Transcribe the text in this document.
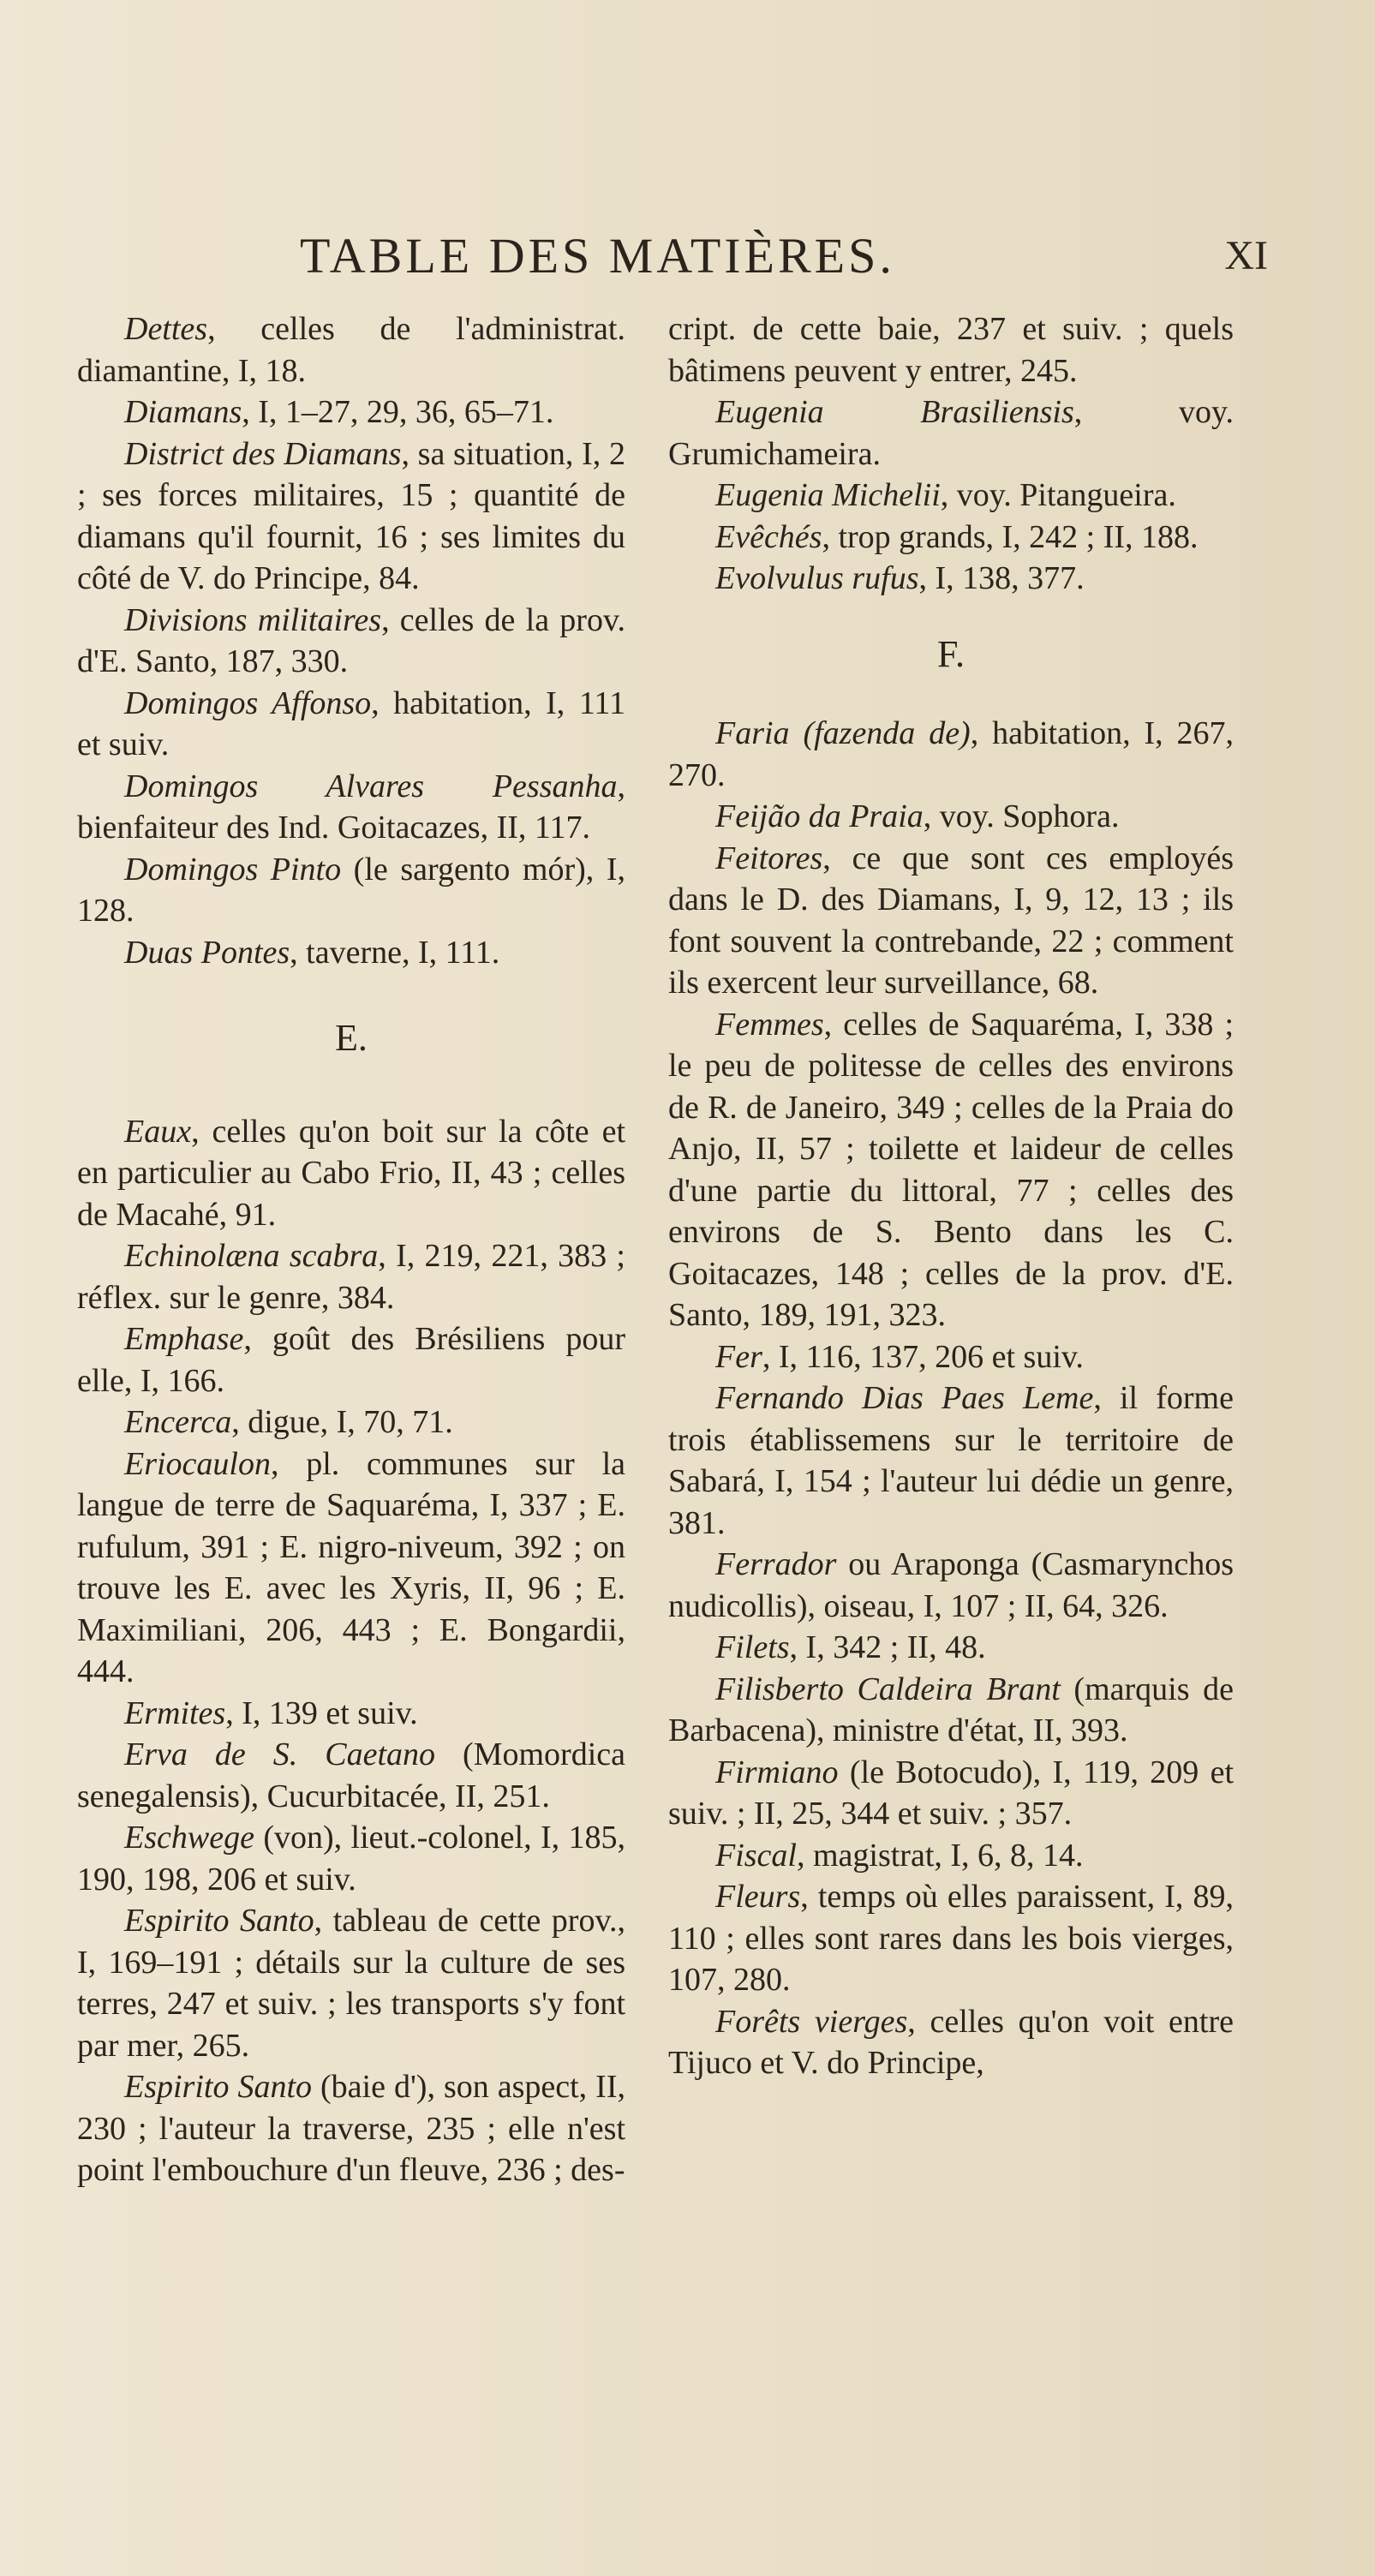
TABLE DES MATIÈRES.	XI

Dettes, celles de l'administrat. diamantine, I, 18.

Diamans, I, 1–27, 29, 36, 65–71.

District des Diamans, sa situation, I, 2 ; ses forces militaires, 15 ; quantité de diamans qu'il fournit, 16 ; ses limites du côté de V. do Principe, 84.

Divisions militaires, celles de la prov. d'E. Santo, 187, 330.

Domingos Affonso, habitation, I, 111 et suiv.

Domingos Alvares Pessanha, bienfaiteur des Ind. Goitacazes, II, 117.

Domingos Pinto (le sargento mór), I, 128.

Duas Pontes, taverne, I, 111.

E.

Eaux, celles qu'on boit sur la côte et en particulier au Cabo Frio, II, 43 ; celles de Macahé, 91.

Echinolæna scabra, I, 219, 221, 383 ; réflex. sur le genre, 384.

Emphase, goût des Brésiliens pour elle, I, 166.

Encerca, digue, I, 70, 71.

Eriocaulon, pl. communes sur la langue de terre de Saquaréma, I, 337 ; E. rufulum, 391 ; E. nigro-niveum, 392 ; on trouve les E. avec les Xyris, II, 96 ; E. Maximiliani, 206, 443 ; E. Bongardii, 444.

Ermites, I, 139 et suiv.

Erva de S. Caetano (Momordica senegalensis), Cucurbitacée, II, 251.

Eschwege (von), lieut.-colonel, I, 185, 190, 198, 206 et suiv.

Espirito Santo, tableau de cette prov., I, 169–191 ; détails sur la culture de ses terres, 247 et suiv. ; les transports s'y font par mer, 265.

Espirito Santo (baie d'), son aspect, II, 230 ; l'auteur la traverse, 235 ; elle n'est point l'embouchure d'un fleuve, 236 ; des-

cript. de cette baie, 237 et suiv. ; quels bâtimens peuvent y entrer, 245.

Eugenia Brasiliensis, voy. Grumichameira.

Eugenia Michelii, voy. Pitangueira.

Evêchés, trop grands, I, 242 ; II, 188.

Evolvulus rufus, I, 138, 377.

F.

Faria (fazenda de), habitation, I, 267, 270.

Feijão da Praia, voy. Sophora.

Feitores, ce que sont ces employés dans le D. des Diamans, I, 9, 12, 13 ; ils font souvent la contrebande, 22 ; comment ils exercent leur surveillance, 68.

Femmes, celles de Saquaréma, I, 338 ; le peu de politesse de celles des environs de R. de Janeiro, 349 ; celles de la Praia do Anjo, II, 57 ; toilette et laideur de celles d'une partie du littoral, 77 ; celles des environs de S. Bento dans les C. Goitacazes, 148 ; celles de la prov. d'E. Santo, 189, 191, 323.

Fer, I, 116, 137, 206 et suiv.

Fernando Dias Paes Leme, il forme trois établissemens sur le territoire de Sabará, I, 154 ; l'auteur lui dédie un genre, 381.

Ferrador ou Araponga (Casmarynchos nudicollis), oiseau, I, 107 ; II, 64, 326.

Filets, I, 342 ; II, 48.

Filisberto Caldeira Brant (marquis de Barbacena), ministre d'état, II, 393.

Firmiano (le Botocudo), I, 119, 209 et suiv. ; II, 25, 344 et suiv. ; 357.

Fiscal, magistrat, I, 6, 8, 14.

Fleurs, temps où elles paraissent, I, 89, 110 ; elles sont rares dans les bois vierges, 107, 280.

Forêts vierges, celles qu'on voit entre Tijuco et V. do Principe,
